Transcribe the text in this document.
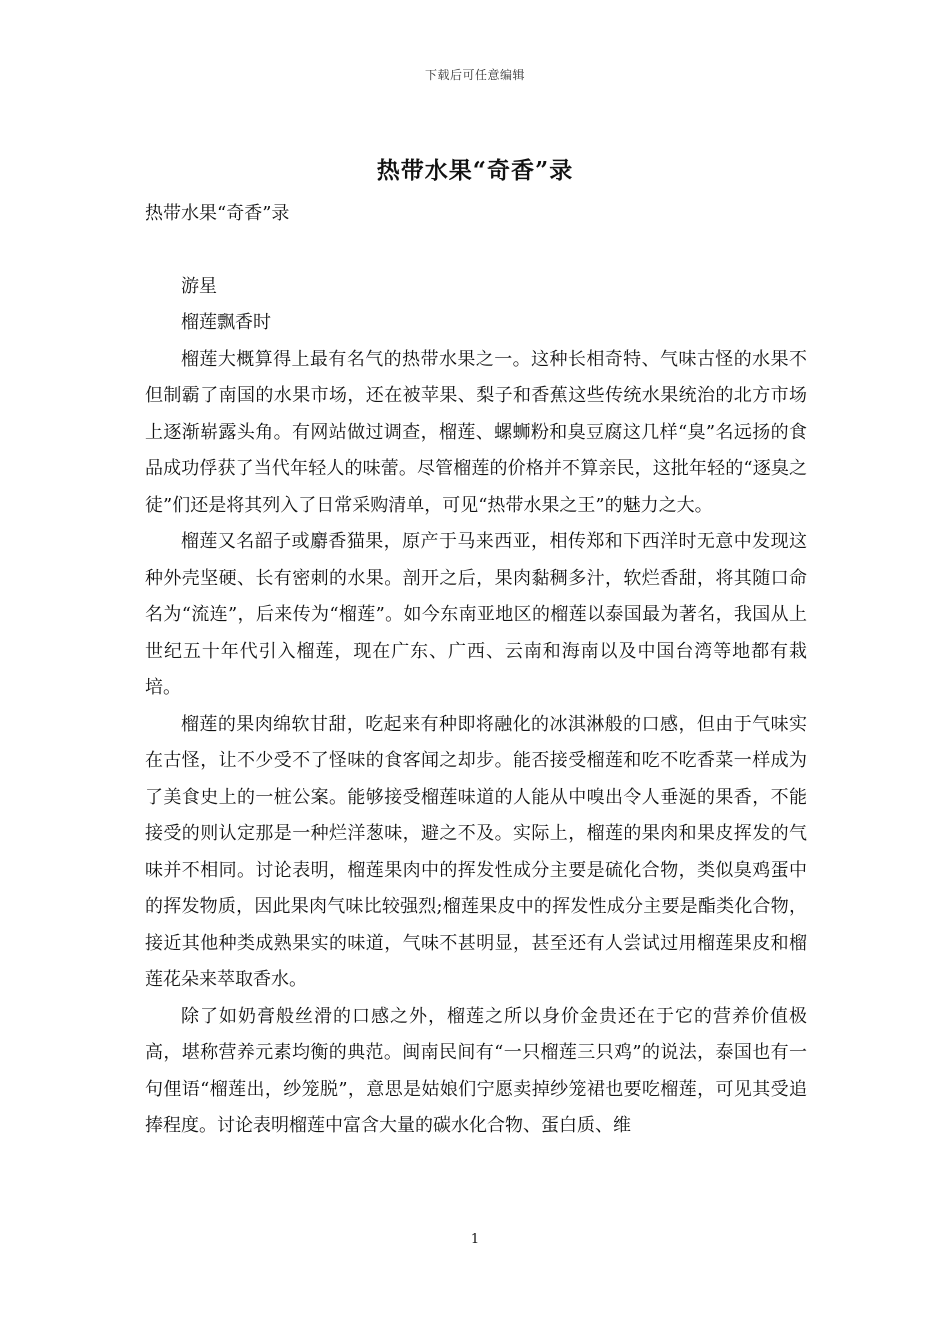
下载后可任意编辑
热带水果“奇香”录

热带水果“奇香”录

游星

榴莲飘香时

榴莲大概算得上最有名气的热带水果之一。这种长相奇特、气味古怪的水果不但制霸了南国的水果市场，还在被苹果、梨子和香蕉这些传统水果统治的北方市场上逐渐崭露头角。有网站做过调查，榴莲、螺蛳粉和臭豆腐这几样“臭”名远扬的食品成功俘获了当代年轻人的味蕾。尽管榴莲的价格并不算亲民，这批年轻的“逐臭之徒”们还是将其列入了日常采购清单，可见“热带水果之王”的魅力之大。

榴莲又名韶子或麝香猫果，原产于马来西亚，相传郑和下西洋时无意中发现这种外壳坚硬、长有密刺的水果。剖开之后，果肉黏稠多汁，软烂香甜，将其随口命名为“流连”，后来传为“榴莲”。如今东南亚地区的榴莲以泰国最为著名，我国从上世纪五十年代引入榴莲，现在广东、广西、云南和海南以及中国台湾等地都有栽培。

榴莲的果肉绵软甘甜，吃起来有种即将融化的冰淇淋般的口感，但由于气味实在古怪，让不少受不了怪味的食客闻之却步。能否接受榴莲和吃不吃香菜一样成为了美食史上的一桩公案。能够接受榴莲味道的人能从中嗅出令人垂涎的果香，不能接受的则认定那是一种烂洋葱味，避之不及。实际上，榴莲的果肉和果皮挥发的气味并不相同。讨论表明，榴莲果肉中的挥发性成分主要是硫化合物，类似臭鸡蛋中的挥发物质，因此果肉气味比较强烈;榴莲果皮中的挥发性成分主要是酯类化合物，接近其他种类成熟果实的味道，气味不甚明显，甚至还有人尝试过用榴莲果皮和榴莲花朵来萃取香水。

除了如奶膏般丝滑的口感之外，榴莲之所以身价金贵还在于它的营养价值极高，堪称营养元素均衡的典范。闽南民间有“一只榴莲三只鸡”的说法，泰国也有一句俚语“榴莲出，纱笼脱”，意思是姑娘们宁愿卖掉纱笼裙也要吃榴莲，可见其受追捧程度。讨论表明榴莲中富含大量的碳水化合物、蛋白质、维

1
